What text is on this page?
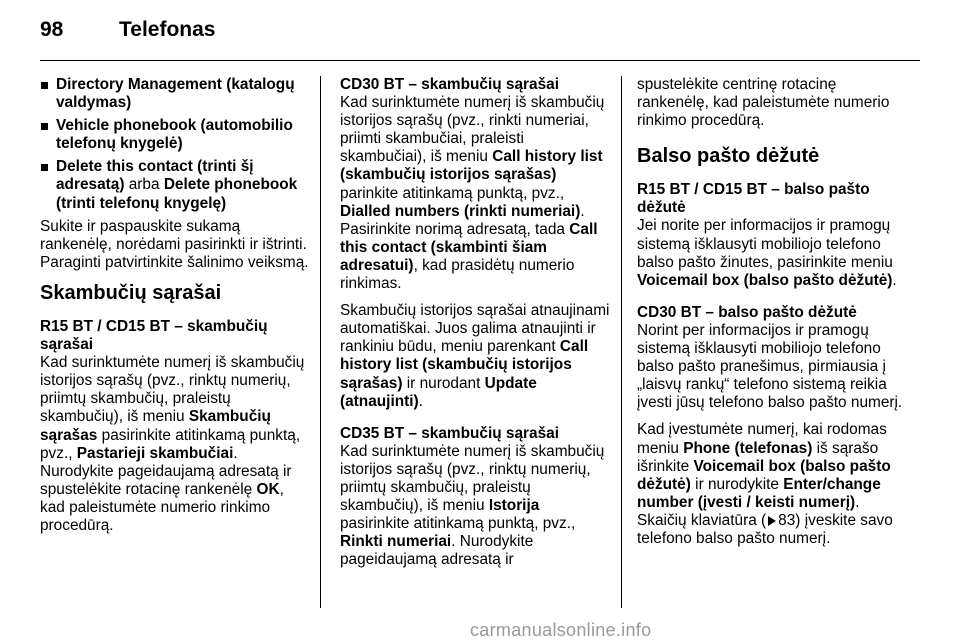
98	Telefonas
Directory Management (katalogų valdymas)
Vehicle phonebook (automobilio telefonų knygelė)
Delete this contact (trinti šį adresatą) arba Delete phonebook (trinti telefonų knygelę)

Sukite ir paspauskite sukamą rankenėlę, norėdami pasirinkti ir ištrinti. Paraginti patvirtinkite šalinimo veiksmą.

Skambučių sąrašai
R15 BT / CD15 BT – skambučių sąrašai

Kad surinktumėte numerį iš skambučių istorijos sąrašų (pvz., rinktų numerių, priimtų skambučių, praleistų skambučių), iš meniu Skambučių sąrašas pasirinkite atitinkamą punktą, pvz., Pastarieji skambučiai. Nurodykite pageidaujamą adresatą ir spustelėkite rotacinę rankenėlę OK, kad paleistumėte numerio rinkimo procedūrą.

CD30 BT – skambučių sąrašai

Kad surinktumėte numerį iš skambučių istorijos sąrašų (pvz., rinkti numeriai, priimti skambučiai, praleisti skambučiai), iš meniu Call history list (skambučių istorijos sąrašas) parinkite atitinkamą punktą, pvz., Dialled numbers (rinkti numeriai). Pasirinkite norimą adresatą, tada Call this contact (skambinti šiam adresatui), kad prasidėtų numerio rinkimas.

Skambučių istorijos sąrašai atnaujinami automatiškai. Juos galima atnaujinti ir rankiniu būdu, meniu parenkant Call history list (skambučių istorijos sąrašas) ir nurodant Update (atnaujinti).

CD35 BT – skambučių sąrašai

Kad surinktumėte numerį iš skambučių istorijos sąrašų (pvz., rinktų numerių, priimtų skambučių, praleistų skambučių), iš meniu Istorija pasirinkite atitinkamą punktą, pvz., Rinkti numeriai. Nurodykite pageidaujamą adresatą ir

spustelėkite centrinę rotacinę rankenėlę, kad paleistumėte numerio rinkimo procedūrą.

Balso pašto dėžutė
R15 BT / CD15 BT – balso pašto dėžutė

Jei norite per informacijos ir pramogų sistemą išklausyti mobiliojo telefono balso pašto žinutes, pasirinkite meniu Voicemail box (balso pašto dėžutė).

CD30 BT – balso pašto dėžutė

Norint per informacijos ir pramogų sistemą išklausyti mobiliojo telefono balso pašto pranešimus, pirmiausia į „laisvų rankų“ telefono sistemą reikia įvesti jūsų telefono balso pašto numerį.

Kad įvestumėte numerį, kai rodomas meniu Phone (telefonas) iš sąrašo išrinkite Voicemail box (balso pašto dėžutė) ir nurodykite Enter/change number (įvesti / keisti numerį).
Skaičių klaviatūra ( 83) įveskite savo telefono balso pašto numerį.

carmanualsonline.info
